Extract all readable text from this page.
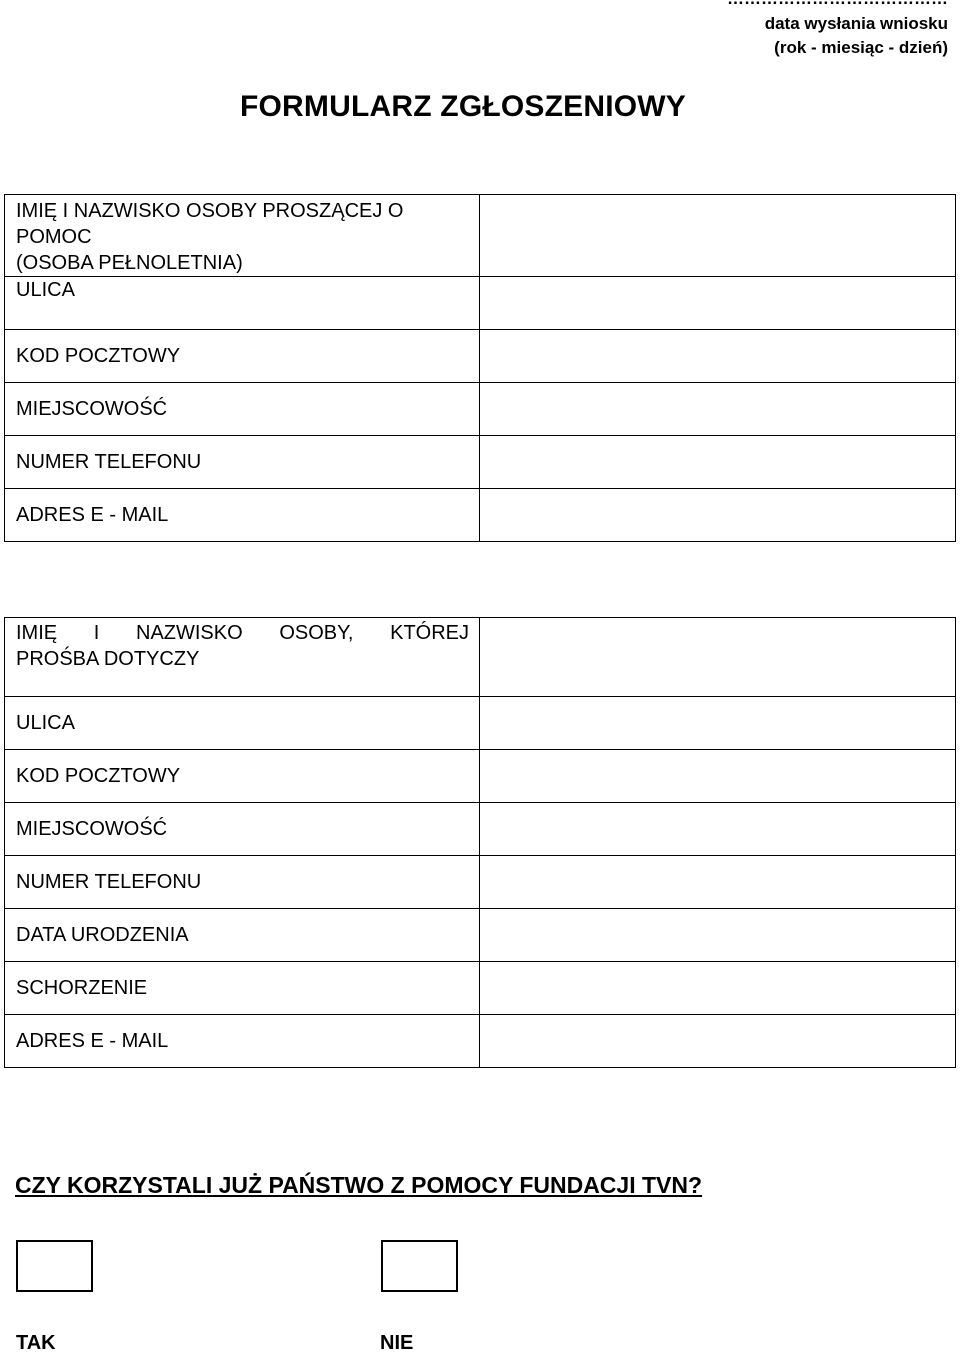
data wysłania wniosku
(rok - miesiąc - dzień)
FORMULARZ ZGŁOSZENIOWY
IMIĘ I NAZWISKO OSOBY PROSZĄCEJ O
POMOC
(OSOBA PEŁNOLETNIA)	

ULICA	
KOD POCZTOWY	
MIEJSCOWOŚĆ	
NUMER TELEFONU	
ADRES E - MAIL	
IMIĘ I NAZWISKO OSOBY, KTÓREJ
PROŚBA DOTYCZY	

ULICA	
KOD POCZTOWY	
MIEJSCOWOŚĆ	
NUMER TELEFONU	
DATA URODZENIA	
SCHORZENIE	
ADRES E - MAIL	

CZY KORZYSTALI JUŻ PAŃSTWO Z POMOCY FUNDACJI TVN?

TAK	NIE
